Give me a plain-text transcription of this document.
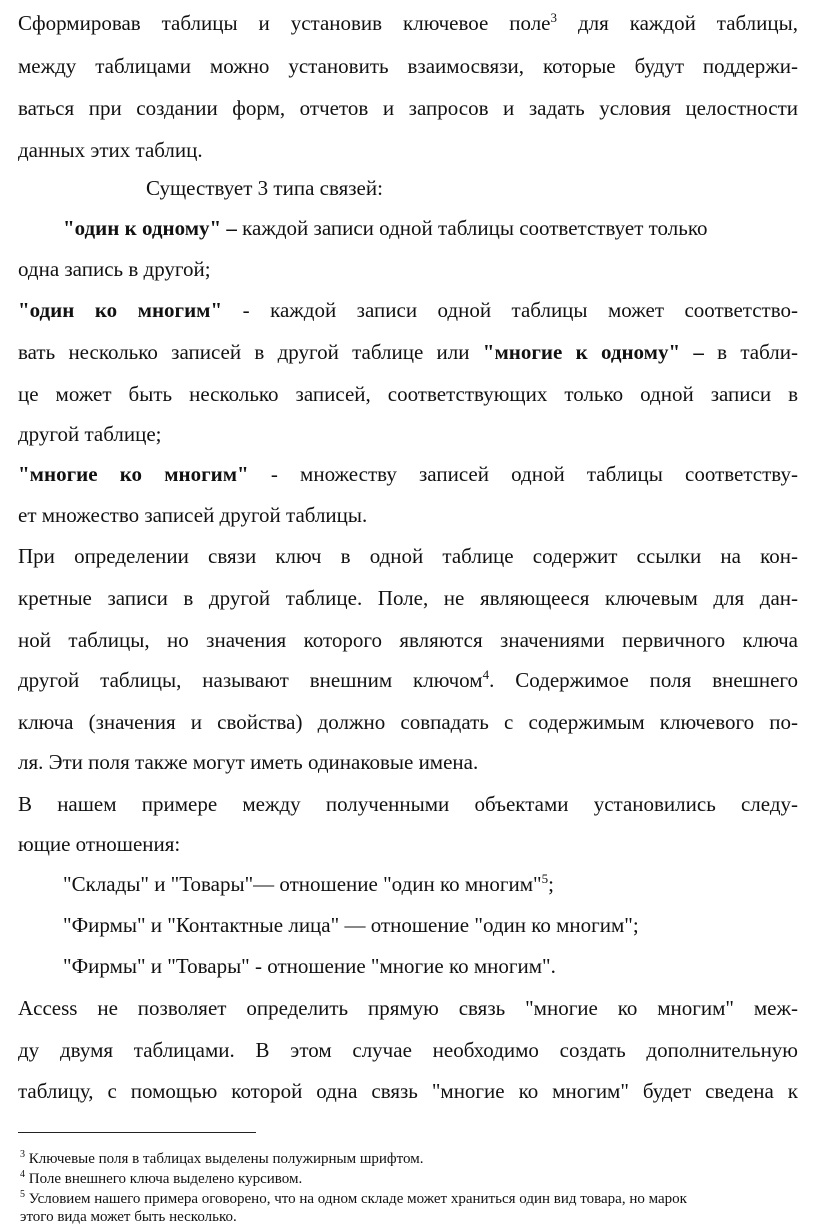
Сформировав таблицы и установив ключевое поле$^3$ для каждой таблицы,
между таблицами можно установить взаимосвязи, которые будут поддержи-
ваться при создании форм, отчетов и запросов и задать условия целостности
данных этих таблиц.
Существует 3 типа связей:
"один к одному" – каждой записи одной таблицы соответствует только
одна запись в другой;
"один ко многим" - каждой записи одной таблицы может соответство-
вать несколько записей в другой таблице или "многие к одному" – в табли-
це может быть несколько записей, соответствующих только одной записи в
другой таблице;
"многие ко многим" - множеству записей одной таблицы соответству-
ет множество записей другой таблицы.
При определении связи ключ в одной таблице содержит ссылки на кон-
кретные записи в другой таблице. Поле, не являющееся ключевым для дан-
ной таблицы, но значения которого являются значениями первичного ключа
другой таблицы, называют внешним ключом$^4$. Содержимое поля внешнего
ключа (значения и свойства) должно совпадать с содержимым ключевого по-
ля. Эти поля также могут иметь одинаковые имена.
В нашем примере между полученными объектами установились следу-
ющие отношения:
"Склады" и "Товары"— отношение "один ко многим"$^5$;
"Фирмы" и "Контактные лица" — отношение "один ко многим";
"Фирмы" и "Товары" - отношение "многие ко многим".
Access не позволяет определить прямую связь "многие ко многим" меж-
ду двумя таблицами. В этом случае необходимо создать дополнительную
таблицу, с помощью которой одна связь "многие ко многим" будет сведена к
$^3$ Ключевые поля в таблицах выделены полужирным шрифтом.
$^4$ Поле внешнего ключа выделено курсивом.
$^5$ Условием нашего примера оговорено, что на одном складе может храниться один вид товара, но марок
этого вида может быть несколько.
